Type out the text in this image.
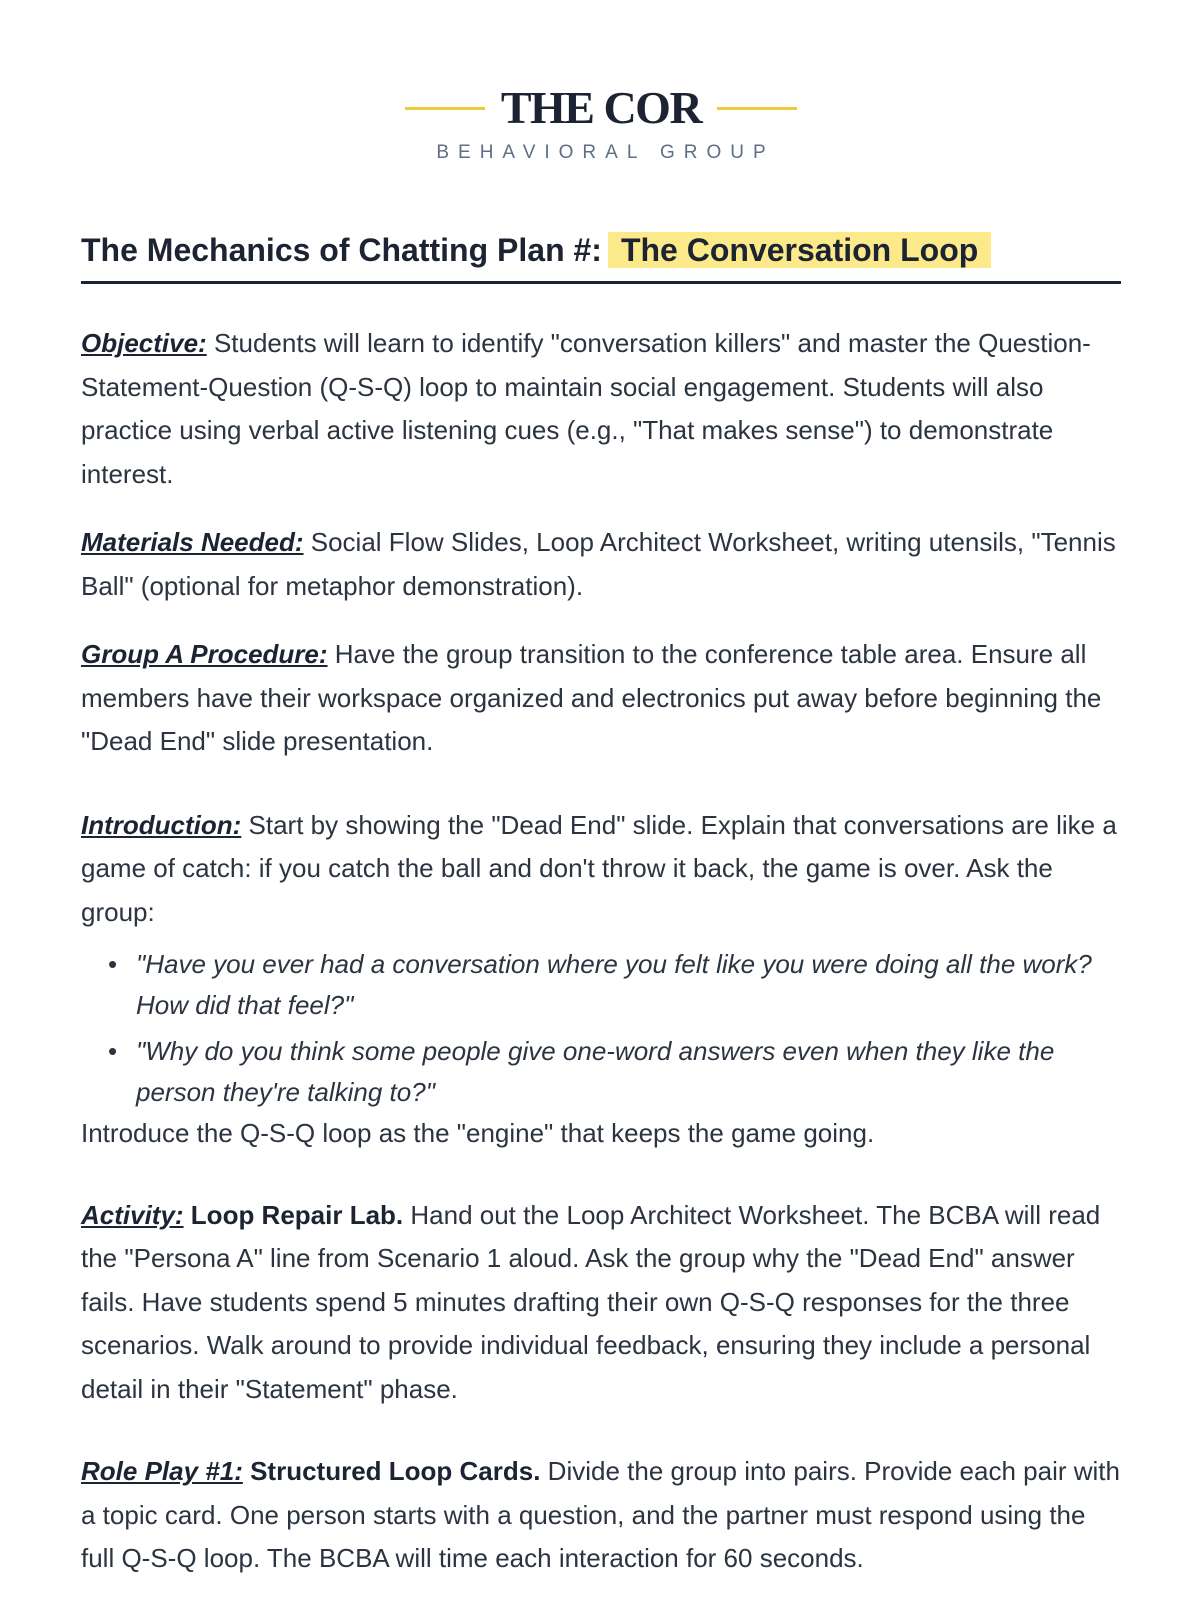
THE COR
BEHAVIORAL GROUP
The Mechanics of Chatting Plan #: The Conversation Loop

Objective: Students will learn to identify "conversation killers" and master the Question-Statement-Question (Q-S-Q) loop to maintain social engagement. Students will also practice using verbal active listening cues (e.g., "That makes sense") to demonstrate interest.

Materials Needed: Social Flow Slides, Loop Architect Worksheet, writing utensils, "Tennis Ball" (optional for metaphor demonstration).

Group A Procedure: Have the group transition to the conference table area. Ensure all members have their workspace organized and electronics put away before beginning the "Dead End" slide presentation.

Introduction: Start by showing the "Dead End" slide. Explain that conversations are like a game of catch: if you catch the ball and don't throw it back, the game is over. Ask the group:

• "Have you ever had a conversation where you felt like you were doing all the work? How did that feel?"
• "Why do you think some people give one-word answers even when they like the person they're talking to?"

Introduce the Q-S-Q loop as the "engine" that keeps the game going.

Activity: Loop Repair Lab. Hand out the Loop Architect Worksheet. The BCBA will read the "Persona A" line from Scenario 1 aloud. Ask the group why the "Dead End" answer fails. Have students spend 5 minutes drafting their own Q-S-Q responses for the three scenarios. Walk around to provide individual feedback, ensuring they include a personal detail in their "Statement" phase.

Role Play #1: Structured Loop Cards. Divide the group into pairs. Provide each pair with a topic card. One person starts with a question, and the partner must respond using the full Q-S-Q loop. The BCBA will time each interaction for 60 seconds.
